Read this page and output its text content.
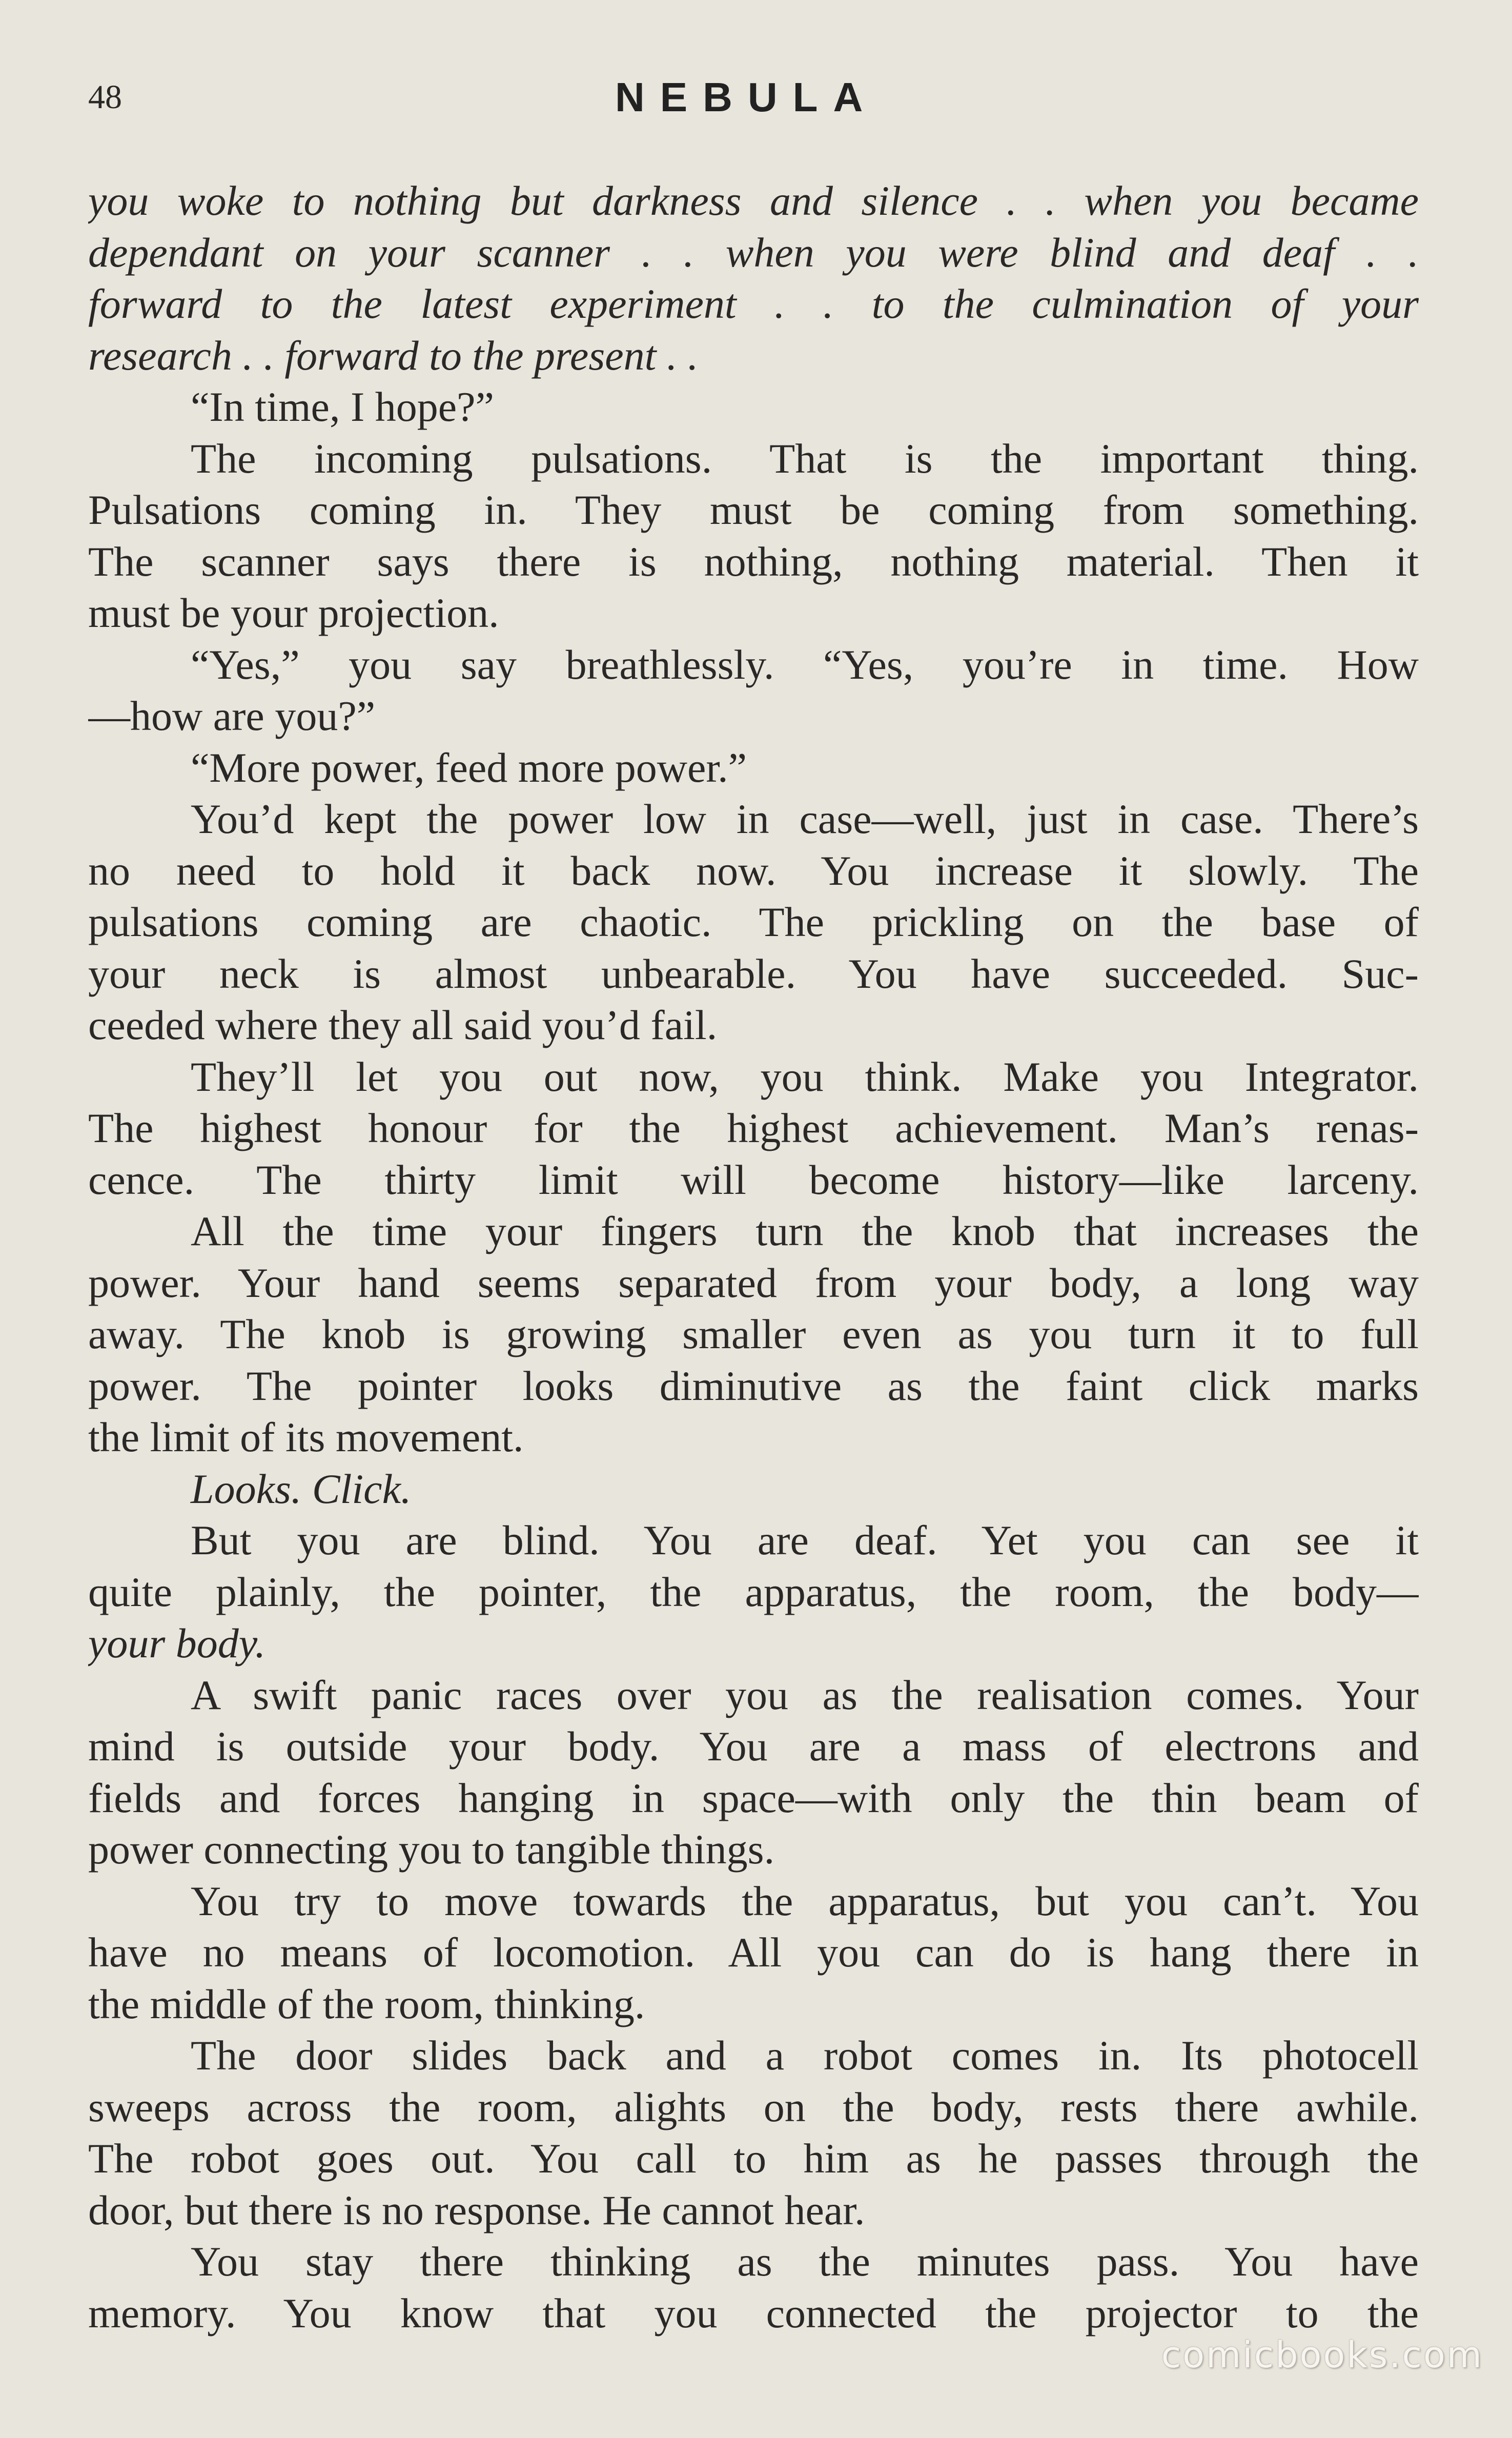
48	NEBULA
you woke to nothing but darkness and silence . . when you became
dependant on your scanner . . when you were blind and deaf . .
forward to the latest experiment . . to the culmination of your
research . . forward to the present . .
“In time, I hope?”
The incoming pulsations. That is the important thing.
Pulsations coming in. They must be coming from something.
The scanner says there is nothing, nothing material. Then it
must be your projection.
“Yes,” you say breathlessly. “Yes, you’re in time. How
—how are you?”
“More power, feed more power.”
You’d kept the power low in case—well, just in case. There’s
no need to hold it back now. You increase it slowly. The
pulsations coming are chaotic. The prickling on the base of
your neck is almost unbearable. You have succeeded. Suc-
ceeded where they all said you’d fail.
They’ll let you out now, you think. Make you Integrator.
The highest honour for the highest achievement. Man’s renas-
cence. The thirty limit will become history—like larceny.
All the time your fingers turn the knob that increases the
power. Your hand seems separated from your body, a long way
away. The knob is growing smaller even as you turn it to full
power. The pointer looks diminutive as the faint click marks
the limit of its movement.
Looks. Click.
But you are blind. You are deaf. Yet you can see it
quite plainly, the pointer, the apparatus, the room, the body—
your body.
A swift panic races over you as the realisation comes. Your
mind is outside your body. You are a mass of electrons and
fields and forces hanging in space—with only the thin beam of
power connecting you to tangible things.
You try to move towards the apparatus, but you can’t. You
have no means of locomotion. All you can do is hang there in
the middle of the room, thinking.
The door slides back and a robot comes in. Its photocell
sweeps across the room, alights on the body, rests there awhile.
The robot goes out. You call to him as he passes through the
door, but there is no response. He cannot hear.
You stay there thinking as the minutes pass. You have
memory. You know that you connected the projector to the
comicbooks.com
